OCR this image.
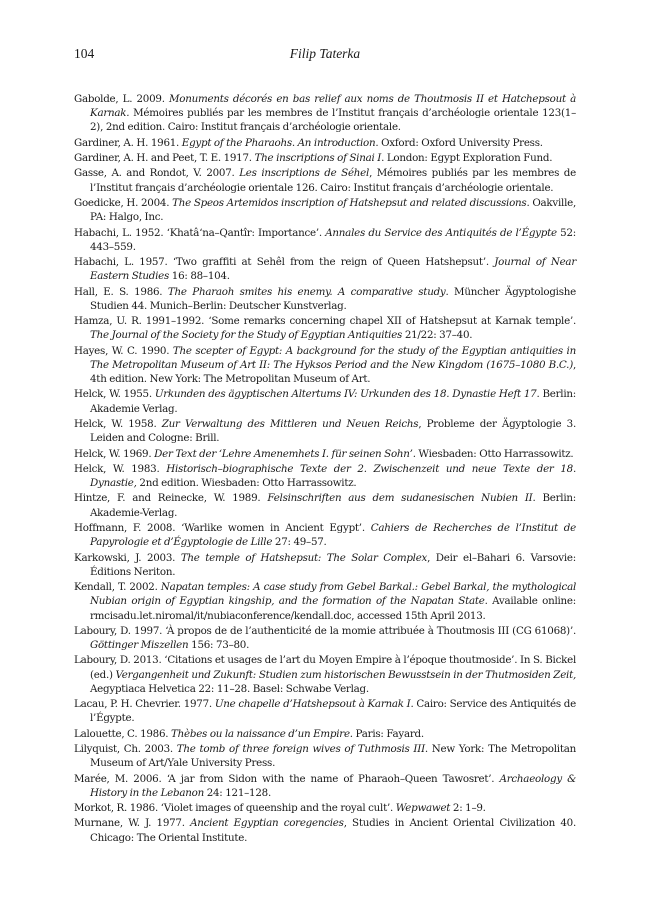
104	Filip Taterka
Gabolde, L. 2009. Monuments décorés en bas relief aux noms de Thoutmosis II et Hatchepsout à Karnak. Mémoires publiés par les membres de l’Institut français d’archéologie orientale 123(1–2), 2nd edition. Cairo: Institut français d’archéologie orientale.
Gardiner, A. H. 1961. Egypt of the Pharaohs. An introduction. Oxford: Oxford University Press.
Gardiner, A. H. and Peet, T. E. 1917. The inscriptions of Sinai I. London: Egypt Exploration Fund.
Gasse, A. and Rondot, V. 2007. Les inscriptions de Séhel, Mémoires publiés par les membres de l’Institut français d’archéologie orientale 126. Cairo: Institut français d’archéologie orientale.
Goedicke, H. 2004. The Speos Artemidos inscription of Hatshepsut and related discussions. Oakville, PA: Halgo, Inc.
Habachi, L. 1952. ‘Khatâ‘na–Qantîr: Importance’. Annales du Service des Antiquités de l’Égypte 52: 443–559.
Habachi, L. 1957. ‘Two graffiti at Sehêl from the reign of Queen Hatshepsut’. Journal of Near Eastern Studies 16: 88–104.
Hall, E. S. 1986. The Pharaoh smites his enemy. A comparative study. Müncher Ägyptologishe Studien 44. Munich–Berlin: Deutscher Kunstverlag.
Hamza, U. R. 1991–1992. ‘Some remarks concerning chapel XII of Hatshepsut at Karnak temple’. The Journal of the Society for the Study of Egyptian Antiquities 21/22: 37–40.
Hayes, W. C. 1990. The scepter of Egypt: A background for the study of the Egyptian antiquities in The Metropolitan Museum of Art II: The Hyksos Period and the New Kingdom (1675–1080 B.C.), 4th edition. New York: The Metropolitan Museum of Art.
Helck, W. 1955. Urkunden des ägyptischen Altertums IV: Urkunden des 18. Dynastie Heft 17. Berlin: Akademie Verlag.
Helck, W. 1958. Zur Verwaltung des Mittleren und Neuen Reichs, Probleme der Ägyptologie 3. Leiden and Cologne: Brill.
Helck, W. 1969. Der Text der ‘Lehre Amenemhets I. für seinen Sohn’. Wiesbaden: Otto Harrassowitz.
Helck, W. 1983. Historisch–biographische Texte der 2. Zwischenzeit und neue Texte der 18. Dynastie, 2nd edition. Wiesbaden: Otto Harrassowitz.
Hintze, F. and Reinecke, W. 1989. Felsinschriften aus dem sudanesischen Nubien II. Berlin: Akademie-Verlag.
Hoffmann, F. 2008. ‘Warlike women in Ancient Egypt’. Cahiers de Recherches de l’Institut de Papyrologie et d’Égyptologie de Lille 27: 49–57.
Karkowski, J. 2003. The temple of Hatshepsut: The Solar Complex, Deir el–Bahari 6. Varsovie: Éditions Neriton.
Kendall, T. 2002. Napatan temples: A case study from Gebel Barkal.: Gebel Barkal, the mythological Nubian origin of Egyptian kingship, and the formation of the Napatan State. Available online: rmcisadu.let.niromal/it/nubiaconference/kendall.doc, accessed 15th April 2013.
Laboury, D. 1997. ‘À propos de de l’authenticité de la momie attribuée à Thoutmosis III (CG 61068)’. Göttinger Miszellen 156: 73–80.
Laboury, D. 2013. ‘Citations et usages de l’art du Moyen Empire à l’époque thoutmoside’. In S. Bickel (ed.) Vergangenheit und Zukunft: Studien zum historischen Bewusstsein in der Thutmosiden Zeit, Aegyptiaca Helvetica 22: 11–28. Basel: Schwabe Verlag.
Lacau, P. H. Chevrier. 1977. Une chapelle d’Hatshepsout à Karnak I. Cairo: Service des Antiquités de l’Égypte.
Lalouette, C. 1986. Thèbes ou la naissance d’un Empire. Paris: Fayard.
Lilyquist, Ch. 2003. The tomb of three foreign wives of Tuthmosis III. New York: The Metropolitan Museum of Art/Yale University Press.
Marée, M. 2006. ‘A jar from Sidon with the name of Pharaoh–Queen Tawosret’. Archaeology & History in the Lebanon 24: 121–128.
Morkot, R. 1986. ‘Violet images of queenship and the royal cult’. Wepwawet 2: 1–9.
Murnane, W. J. 1977. Ancient Egyptian coregencies, Studies in Ancient Oriental Civilization 40. Chicago: The Oriental Institute.
